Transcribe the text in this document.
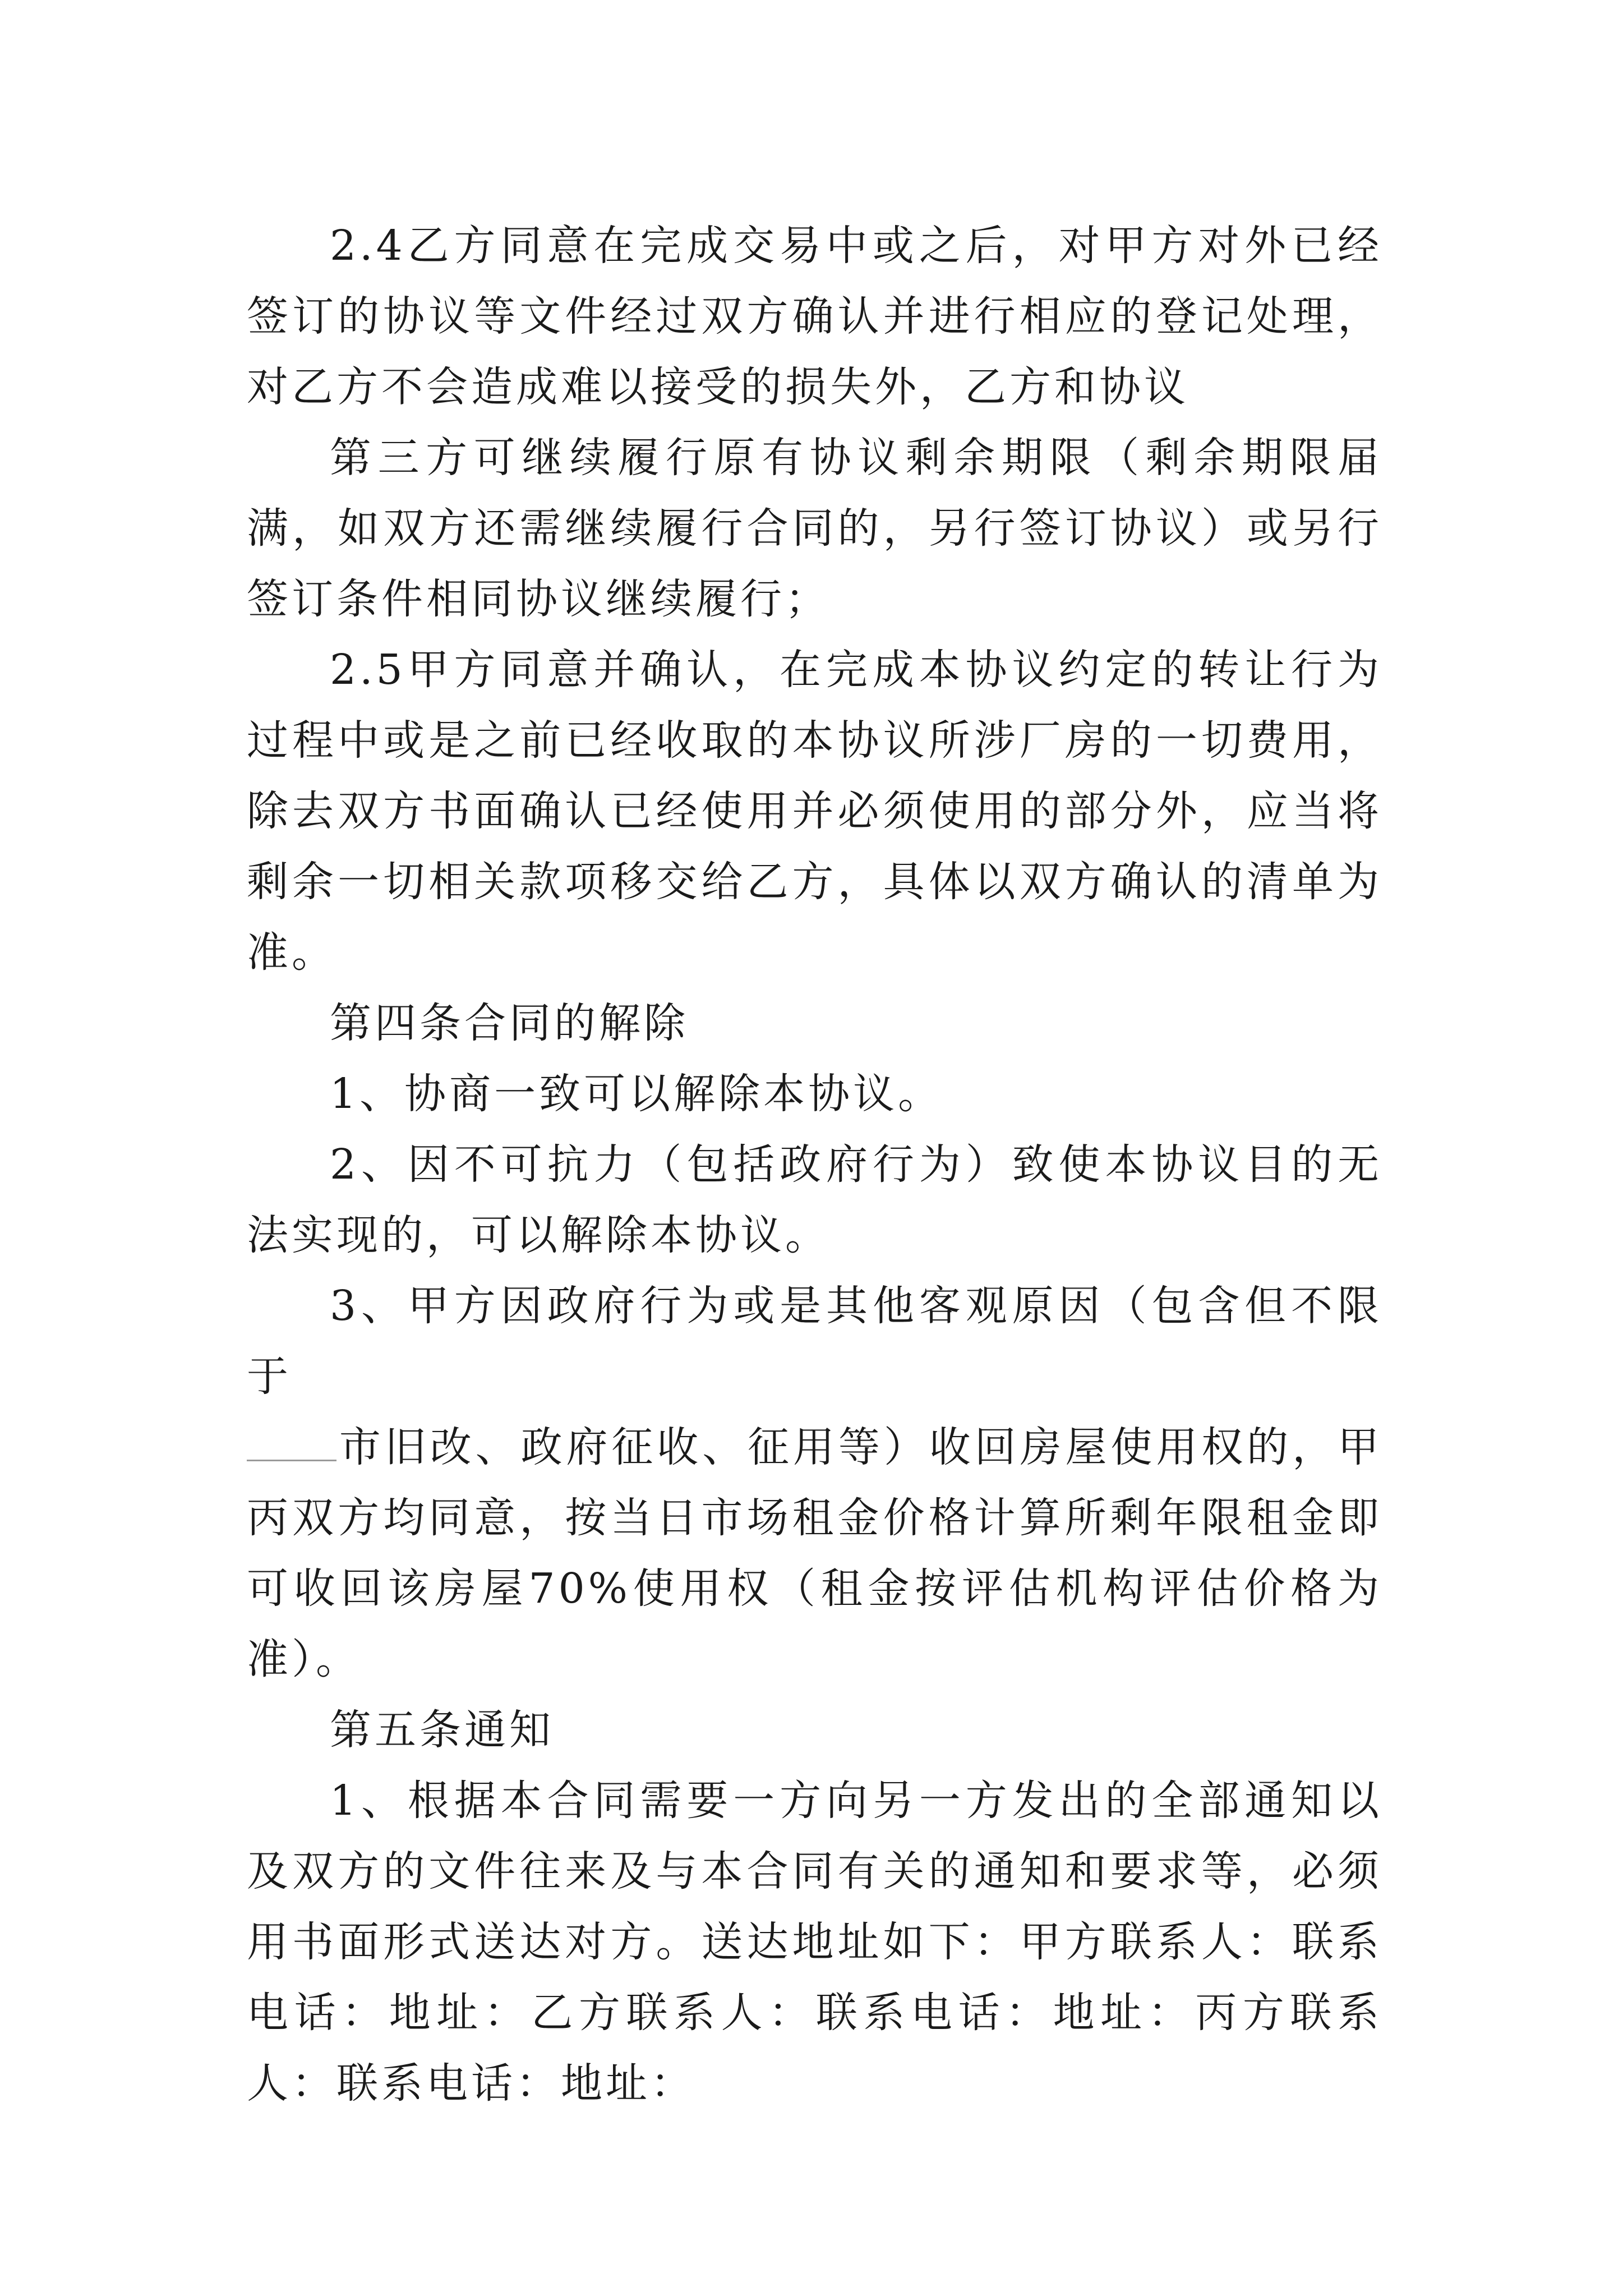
2.4乙方同意在完成交易中或之后，对甲方对外已经签订的协议等文件经过双方确认并进行相应的登记处理，对乙方不会造成难以接受的损失外，乙方和协议

第三方可继续履行原有协议剩余期限（剩余期限届满，如双方还需继续履行合同的，另行签订协议）或另行签订条件相同协议继续履行；

2.5甲方同意并确认，在完成本协议约定的转让行为过程中或是之前已经收取的本协议所涉厂房的一切费用，除去双方书面确认已经使用并必须使用的部分外，应当将剩余一切相关款项移交给乙方，具体以双方确认的清单为准。

第四条合同的解除

1、协商一致可以解除本协议。

2、因不可抗力（包括政府行为）致使本协议目的无法实现的，可以解除本协议。

3、甲方因政府行为或是其他客观原因（包含但不限于

市旧改、政府征收、征用等）收回房屋使用权的，甲丙双方均同意，按当日市场租金价格计算所剩年限租金即可收回该房屋70%使用权（租金按评估机构评估价格为准）。

第五条通知

1、根据本合同需要一方向另一方发出的全部通知以及双方的文件往来及与本合同有关的通知和要求等，必须用书面形式送达对方。送达地址如下：甲方联系人：联系电话：地址：乙方联系人：联系电话：地址：丙方联系人：联系电话：地址：
